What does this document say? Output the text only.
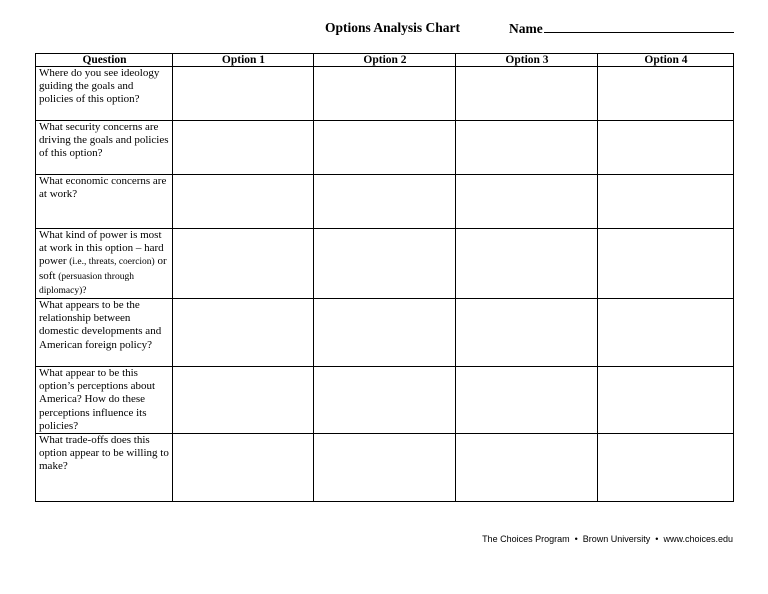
Options Analysis Chart	Name
Question	Option 1	Option 2	Option 3	Option 4
Where do you see ideology guiding the goals and policies of this option?				
What security concerns are driving the goals and policies of this option?				
What economic concerns are at work?				
What kind of power is most at work in this option – hard power (i.e., threats, coercion) or soft (persuasion through diplomacy)?				
What appears to be the relationship between domestic developments and American foreign policy?				
What appear to be this option’s perceptions about America? How do these perceptions influence its policies?				
What trade-offs does this option appear to be willing to make?				
The Choices Program • Brown University • www.choices.edu
